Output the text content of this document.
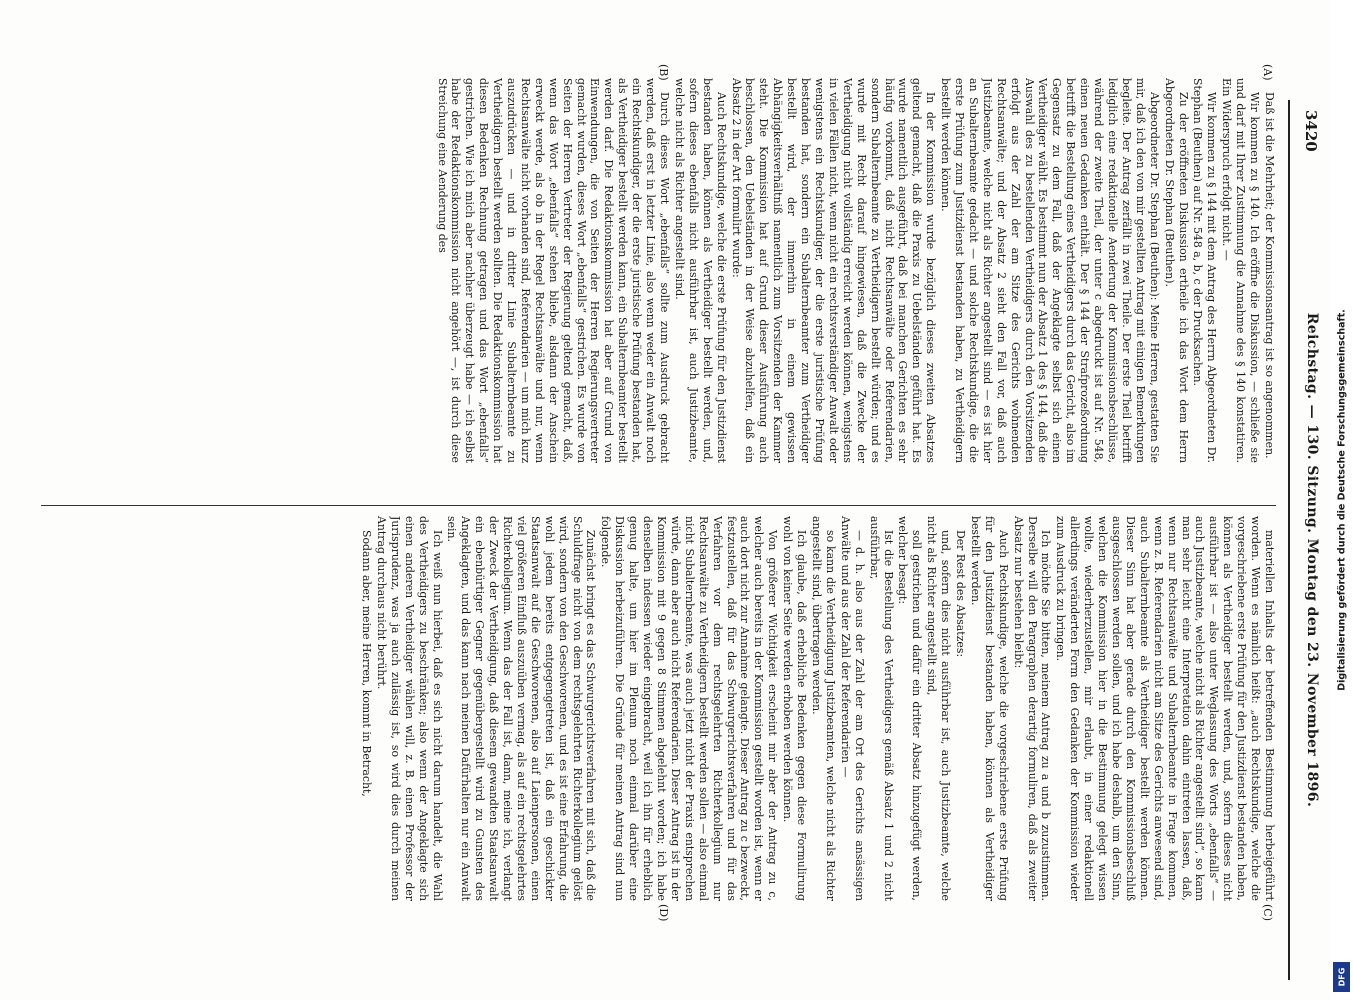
3420
Reichstag. — 130. Sitzung. Montag den 23. November 1896.
(A)
(B)
(C)
(D)

Daß ist die Mehrheit; der Kommissionsantrag ist so angenommen.

Wir kommen zu § 140. Ich eröffne die Diskussion, — schließe sie und darf mit Ihrer Zustimmung die Annahme des § 140 konstatiren. Ein Widerspruch erfolgt nicht. —

Wir kommen zu § 144 mit dem Antrag des Herrn Abgeordneten Dr. Stephan (Beuthen) auf Nr. 548 a, b, c der Drucksachen.

Zu der eröffneten Diskussion ertheile ich das Wort dem Herrn Abgeordneten Dr. Stephan (Beuthen).

Abgeordneter Dr. Stephan (Beuthen): Meine Herren, gestatten Sie mir, daß ich den von mir gestellten Antrag mit einigen Bemerkungen begleite. Der Antrag zerfällt in zwei Theile. Der erste Theil betrifft lediglich eine redaktionelle Aenderung der Kommissionsbeschlüsse, während der zweite Theil, der unter c abgedruckt ist auf Nr. 548, einen neuen Gedanken enthält. Der § 144 der Strafprozeßordnung betrifft die Bestellung eines Vertheidigers durch das Gericht, also im Gegensatz zu dem Fall, daß der Angeklagte selbst sich einen Vertheidiger wählt. Es bestimmt nun der Absatz 1 des § 144, daß die Auswahl des zu bestellenden Vertheidigers durch den Vorsitzenden erfolgt aus der Zahl der am Sitze des Gerichts wohnenden Rechtsanwälte; und der Absatz 2 sieht den Fall vor, daß auch Justizbeamte, welche nicht als Richter angestellt sind — es ist hier an Subalternbeamte gedacht — und solche Rechtskundige, die die erste Prüfung zum Justizdienst bestanden haben, zu Vertheidigern bestellt werden können.

In der Kommission wurde bezüglich dieses zweiten Absatzes geltend gemacht, daß die Praxis zu Uebelständen geführt hat. Es wurde namentlich ausgeführt, daß bei manchen Gerichten es sehr häufig vorkommt, daß nicht Rechtsanwälte oder Referendarien, sondern Subalternbeamte zu Vertheidigern bestellt würden; und es wurde mit Recht darauf hingewiesen, daß die Zwecke der Vertheidigung nicht vollständig erreicht werden können, wenigstens in vielen Fällen nicht, wenn nicht ein rechtsverständiger Anwalt oder wenigstens ein Rechtskundiger, der die erste juristische Prüfung bestanden hat, sondern ein Subalternbeamter zum Vertheidiger bestellt wird, der immerhin in einem gewissen Abhängigkeitsverhältniß namentlich zum Vorsitzenden der Kammer steht. Die Kommission hat auf Grund dieser Ausführung auch beschlossen, den Uebelständen in der Weise abzuhelfen, daß ein Absatz 2 in der Art formulirt wurde:

Auch Rechtskundige, welche die erste Prüfung für den Justizdienst bestanden haben, können als Vertheidiger bestellt werden, und, sofern dieses ebenfalls nicht ausführbar ist, auch Justizbeamte, welche nicht als Richter angestellt sind.

Durch dieses Wort „ebenfalls“ sollte zum Ausdruck gebracht werden, daß erst in letzter Linie, also wenn weder ein Anwalt noch ein Rechtskundiger, der die erste juristische Prüfung bestanden hat, als Vertheidiger bestellt werden kann, ein Subalternbeamter bestellt werden darf. Die Redaktionskommission hat aber auf Grund von Einwendungen, die von Seiten der Herren Regierungsvertreter gemacht wurden, dieses Wort „ebenfalls“ gestrichen. Es wurde von Seiten der Herren Vertreter der Regierung geltend gemacht, daß, wenn das Wort „ebenfalls“ stehen bliebe, alsdann der Anschein erweckt werde, als ob in der Regel Rechtsanwälte und nur, wenn Rechtsanwälte nicht vorhanden sind, Referendarien — um mich kurz auszudrücken — und in dritter Linie Subalternbeamte zu Vertheidigern bestellt werden sollten. Die Redaktionskommission hat diesen Bedenken Rechnung getragen und das Wort „ebenfalls“ gestrichen. Wie ich mich aber nachher überzeugt habe — ich selbst habe der Redaktionskommission nicht angehört —, ist durch diese Streichung eine Aenderung des

materiellen Inhalts der betreffenden Bestimmung herbeigeführt worden. Wenn es nämlich heißt: „auch Rechtskundige, welche die vorgeschriebene erste Prüfung für den Justizdienst bestanden haben, können als Vertheidiger bestellt werden, und, sofern dieses nicht ausführbar ist — also unter Weglassung des Worts „ebenfalls“ — auch Justizbeamte, welche nicht als Richter angestellt sind“, so kann man sehr leicht eine Interpretation dahin eintreten lassen, daß, wenn nur Rechtsanwälte und Subalternbeamte in Frage kommen, wenn z. B. Referendarien nicht am Sitze des Gerichts anwesend sind, auch Subalternbeamte als Vertheidiger bestellt werden können. Dieser Sinn hat aber gerade durch den Kommissionsbeschluß ausgeschlossen werden sollen, und ich habe deshalb, um den Sinn, welchen die Kommission hier in die Bestimmung gelegt wissen wollte, wiederherzustellen, mir erlaubt, in einer redaktionell allerdings veränderten Form den Gedanken der Kommission wieder zum Ausdruck zu bringen.

Ich möchte Sie bitten, meinem Antrag zu a und b zuzustimmen. Derselbe will den Paragraphen derartig formuliren, daß als zweiter Absatz nur bestehen bleibt:

Auch Rechtskundige, welche die vorgeschriebene erste Prüfung für den Justizdienst bestanden haben, können als Vertheidiger bestellt werden.

Der Rest des Absatzes:

und, sofern dies nicht ausführbar ist, auch Justizbeamte, welche nicht als Richter angestellt sind,

soll gestrichen und dafür ein dritter Absatz hinzugefügt werden, welcher besagt:

Ist die Bestellung des Vertheidigers gemäß Absatz 1 und 2 nicht ausführbar,

— d. h. also aus der Zahl der am Ort des Gerichts ansässigen Anwälte und aus der Zahl der Referendarien —

so kann die Vertheidigung Justizbeamten, welche nicht als Richter angestellt sind, übertragen werden.

Ich glaube, daß erhebliche Bedenken gegen diese Formulirung wohl von keiner Seite werden erhoben werden können.

Von größerer Wichtigkeit erscheint mir aber der Antrag zu c, welcher auch bereits in der Kommission gestellt worden ist, wenn er auch dort nicht zur Annahme gelangte. Dieser Antrag zu c bezweckt, festzustellen, daß für das Schwurgerichtsverfahren und für das Verfahren vor dem rechtsgelehrten Richterkollegium nur Rechtsanwälte zu Vertheidigern bestellt werden sollen — also einmal nicht Subalternbeamte, was auch jetzt nicht der Praxis entsprechen würde, dann aber auch nicht Referendarien. Dieser Antrag ist in der Kommission mit 9 gegen 8 Stimmen abgelehnt worden; ich habe denselben indessen wieder eingebracht, weil ich ihn für erheblich genug halte, um hier im Plenum noch einmal darüber eine Diskussion herbeizuführen. Die Gründe für meinen Antrag sind nun folgende.

Zunächst bringt es das Schwurgerichtsverfahren mit sich, daß die Schuldfrage nicht von dem rechtsgelehrten Richterkollegium gelöst wird, sondern von den Geschworenen, und es ist eine Erfahrung, die wohl jedem bereits entgegengetreten ist, daß ein geschickter Staatsanwalt auf die Geschworenen, also auf Laienpersonen, einen viel größeren Einfluß auszuüben vermag, als auf ein rechtsgelehrtes Richterkollegium. Wenn das der Fall ist, dann, meine ich, verlangt der Zweck der Vertheidigung, daß diesem gewandten Staatsanwalt ein ebenbürtiger Gegner gegenübergestellt wird zu Gunsten des Angeklagten, und das kann nach meinen Dafürhalten nur ein Anwalt sein.

Ich weiß nun hierbei, daß es sich nicht darum handelt, die Wahl des Vertheidigers zu beschränken; also wenn der Angeklagte sich einen anderen Vertheidiger wählen will, z. B. einen Professor der Jurisprudenz, was ja auch zulässig ist, so wird dies durch meinen Antrag durchaus nicht berührt.

Sodann aber, meine Herren, kommt in Betracht,	Digitalisierung gefördert durch die Deutsche Forschungsgemeinschaft.
DFG
